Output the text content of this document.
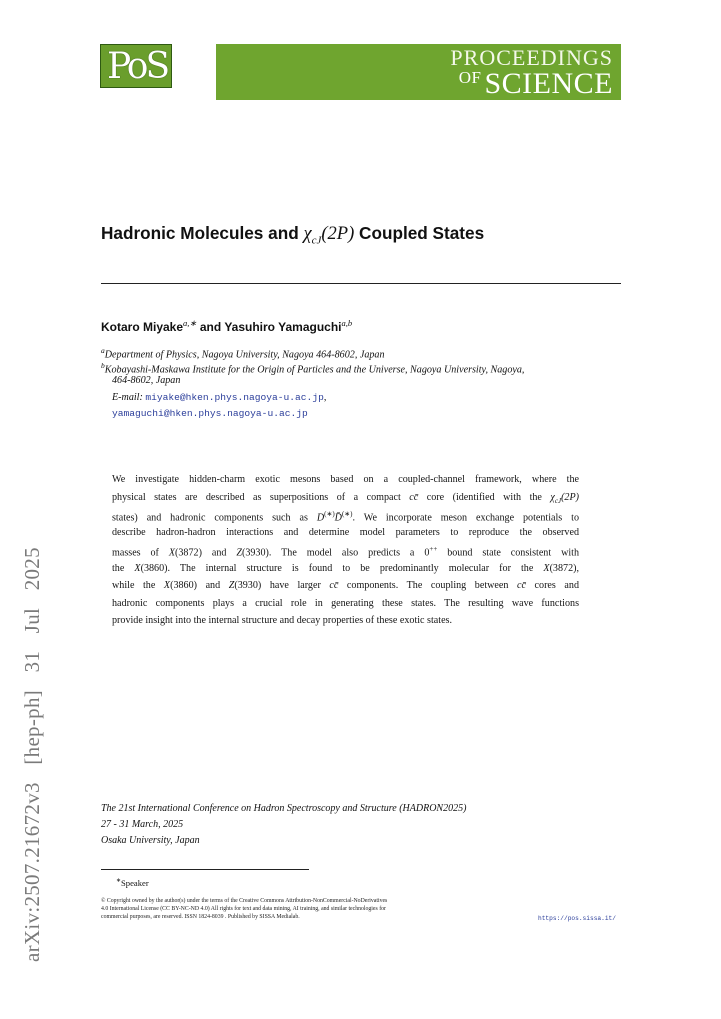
PoS	PROCEEDINGS
$^{OF}$ SCIENCE
arXiv:2507.21672v3 [hep-ph] 31 Jul 2025
Hadronic Molecules and $\chi_{cJ}(2P)$ Coupled States
Kotaro Miyake$^{a,∗}$ and Yasuhiro Yamaguchi$^{a,b}$
$^a$Department of Physics, Nagoya University, Nagoya 464-8602, Japan
$^b$Kobayashi-Maskawa Institute for the Origin of Particles and the Universe, Nagoya University, Nagoya,
464-8602, Japan
E-mail: miyake@hken.phys.nagoya-u.ac.jp,
yamaguchi@hken.phys.nagoya-u.ac.jp
We investigate hidden-charm exotic mesons based on a coupled-channel framework, where the
physical states are described as superpositions of a compact cc̄ core (identified with the $\chi_{cJ}(2P)$
states) and hadronic components such as D(∗)D̄(∗). We incorporate meson exchange potentials to
describe hadron-hadron interactions and determine model parameters to reproduce the observed
masses of X(3872) and Z(3930). The model also predicts a 0++ bound state consistent with
the X(3860). The internal structure is found to be predominantly molecular for the X(3872),
while the X(3860) and Z(3930) have larger cc̄ components. The coupling between cc̄ cores and
hadronic components plays a crucial role in generating these states. The resulting wave functions
provide insight into the internal structure and decay properties of these exotic states.
The 21st International Conference on Hadron Spectroscopy and Structure (HADRON2025)
27 - 31 March, 2025
Osaka University, Japan
∗Speaker
© Copyright owned by the author(s) under the terms of the Creative Commons Attribution-NonCommercial-NoDerivatives
4.0 International License (CC BY-NC-ND 4.0) All rights for text and data mining, AI training, and similar technologies for
commercial purposes, are reserved. ISSN 1824-8039 . Published by SISSA Medialab.	https://pos.sissa.it/
